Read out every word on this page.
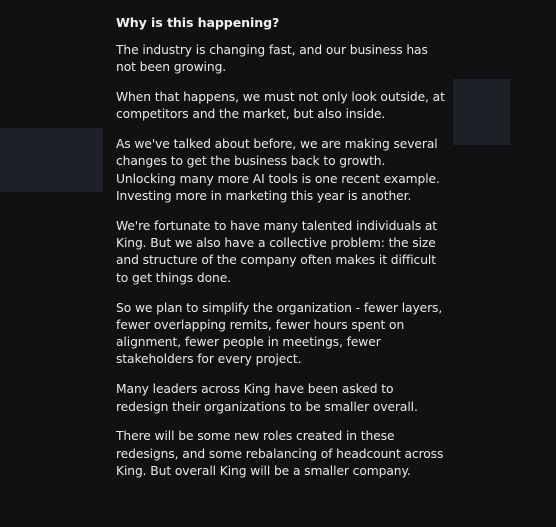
Why is this happening?

The industry is changing fast, and our business has not been growing.

When that happens, we must not only look outside, at competitors and the market, but also inside.

As we've talked about before, we are making several changes to get the business back to growth. Unlocking many more AI tools is one recent example. Investing more in marketing this year is another.

We're fortunate to have many talented individuals at King. But we also have a collective problem: the size and structure of the company often makes it difficult to get things done.

So we plan to simplify the organization - fewer layers, fewer overlapping remits, fewer hours spent on alignment, fewer people in meetings, fewer stakeholders for every project.

Many leaders across King have been asked to redesign their organizations to be smaller overall.

There will be some new roles created in these redesigns, and some rebalancing of headcount across King. But overall King will be a smaller company.
